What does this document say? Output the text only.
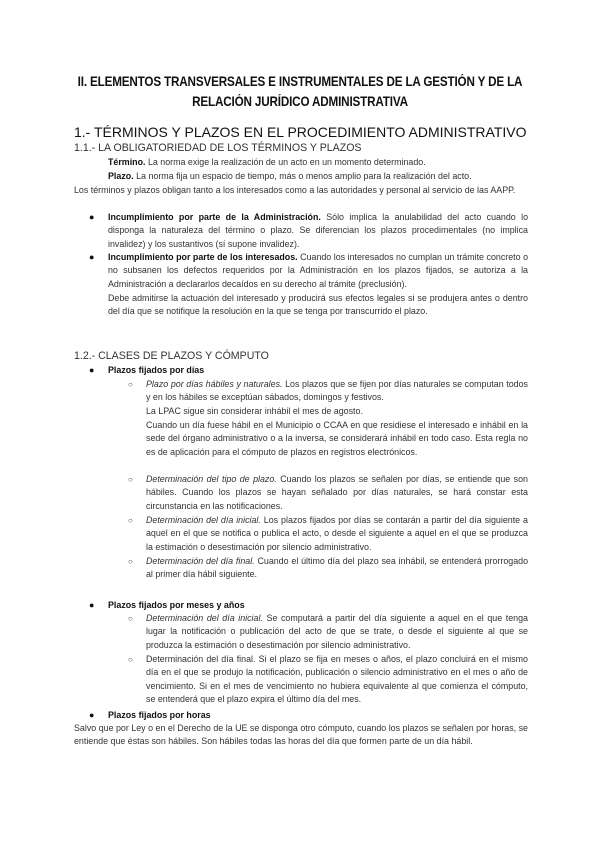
II. ELEMENTOS TRANSVERSALES E INSTRUMENTALES DE LA GESTIÓN Y DE LA
RELACIÓN JURÍDICO ADMINISTRATIVA
1.- TÉRMINOS Y PLAZOS EN EL PROCEDIMIENTO ADMINISTRATIVO
1.1.- LA OBLIGATORIEDAD DE LOS TÉRMINOS Y PLAZOS
Término. La norma exige la realización de un acto en un momento determinado.
Plazo. La norma fija un espacio de tiempo, más o menos amplio para la realización del acto.
Los términos y plazos obligan tanto a los interesados como a las autoridades y personal al servicio de las AAPP.
● Incumplimiento por parte de la Administración. Sólo implica la anulabilidad del acto cuando lo disponga la naturaleza del término o plazo. Se diferencian los plazos procedimentales (no implica invalidez) y los sustantivos (sí supone invalidez).
● Incumplimiento por parte de los interesados. Cuando los interesados no cumplan un trámite concreto o no subsanen los defectos requeridos por la Administración en los plazos fijados, se autoriza a la Administración a declararlos decaídos en su derecho al trámite (preclusión).
Debe admitirse la actuación del interesado y producirá sus efectos legales si se produjera antes o dentro del día que se notifique la resolución en la que se tenga por transcurrido el plazo.
1.2.- CLASES DE PLAZOS Y CÓMPUTO
● Plazos fijados por días
○ Plazo por días hábiles y naturales. Los plazos que se fijen por días naturales se computan todos y en los hábiles se exceptúan sábados, domingos y festivos.
La LPAC sigue sin considerar inhábil el mes de agosto.
Cuando un día fuese hábil en el Municipio o CCAA en que residiese el interesado e inhábil en la sede del órgano administrativo o a la inversa, se considerará inhábil en todo caso. Esta regla no es de aplicación para el cómputo de plazos en registros electrónicos.
○ Determinación del tipo de plazo. Cuando los plazos se señalen por días, se entiende que son hábiles. Cuando los plazos se hayan señalado por días naturales, se hará constar esta circunstancia en las notificaciones.
○ Determinación del día inicial. Los plazos fijados por días se contarán a partir del día siguiente a aquel en el que se notifica o publica el acto, o desde el siguiente a aquel en el que se produzca la estimación o desestimación por silencio administrativo.
○ Determinación del día final. Cuando el último día del plazo sea inhábil, se entenderá prorrogado al primer día hábil siguiente.
● Plazos fijados por meses y años
○ Determinación del día inicial. Se computará a partir del día siguiente a aquel en el que tenga lugar la notificación o publicación del acto de que se trate, o desde el siguiente al que se produzca la estimación o desestimación por silencio administrativo.
○ Determinación del día final. Si el plazo se fija en meses o años, el plazo concluirá en el mismo día en el que se produjo la notificación, publicación o silencio administrativo en el mes o año de vencimiento. Si en el mes de vencimiento no hubiera equivalente al que comienza el cómputo, se entenderá que el plazo expira el último día del mes.
● Plazos fijados por horas
Salvo que por Ley o en el Derecho de la UE se disponga otro cómputo, cuando los plazos se señalen por horas, se entiende que éstas son hábiles. Son hábiles todas las horas del día que formen parte de un día hábil.
